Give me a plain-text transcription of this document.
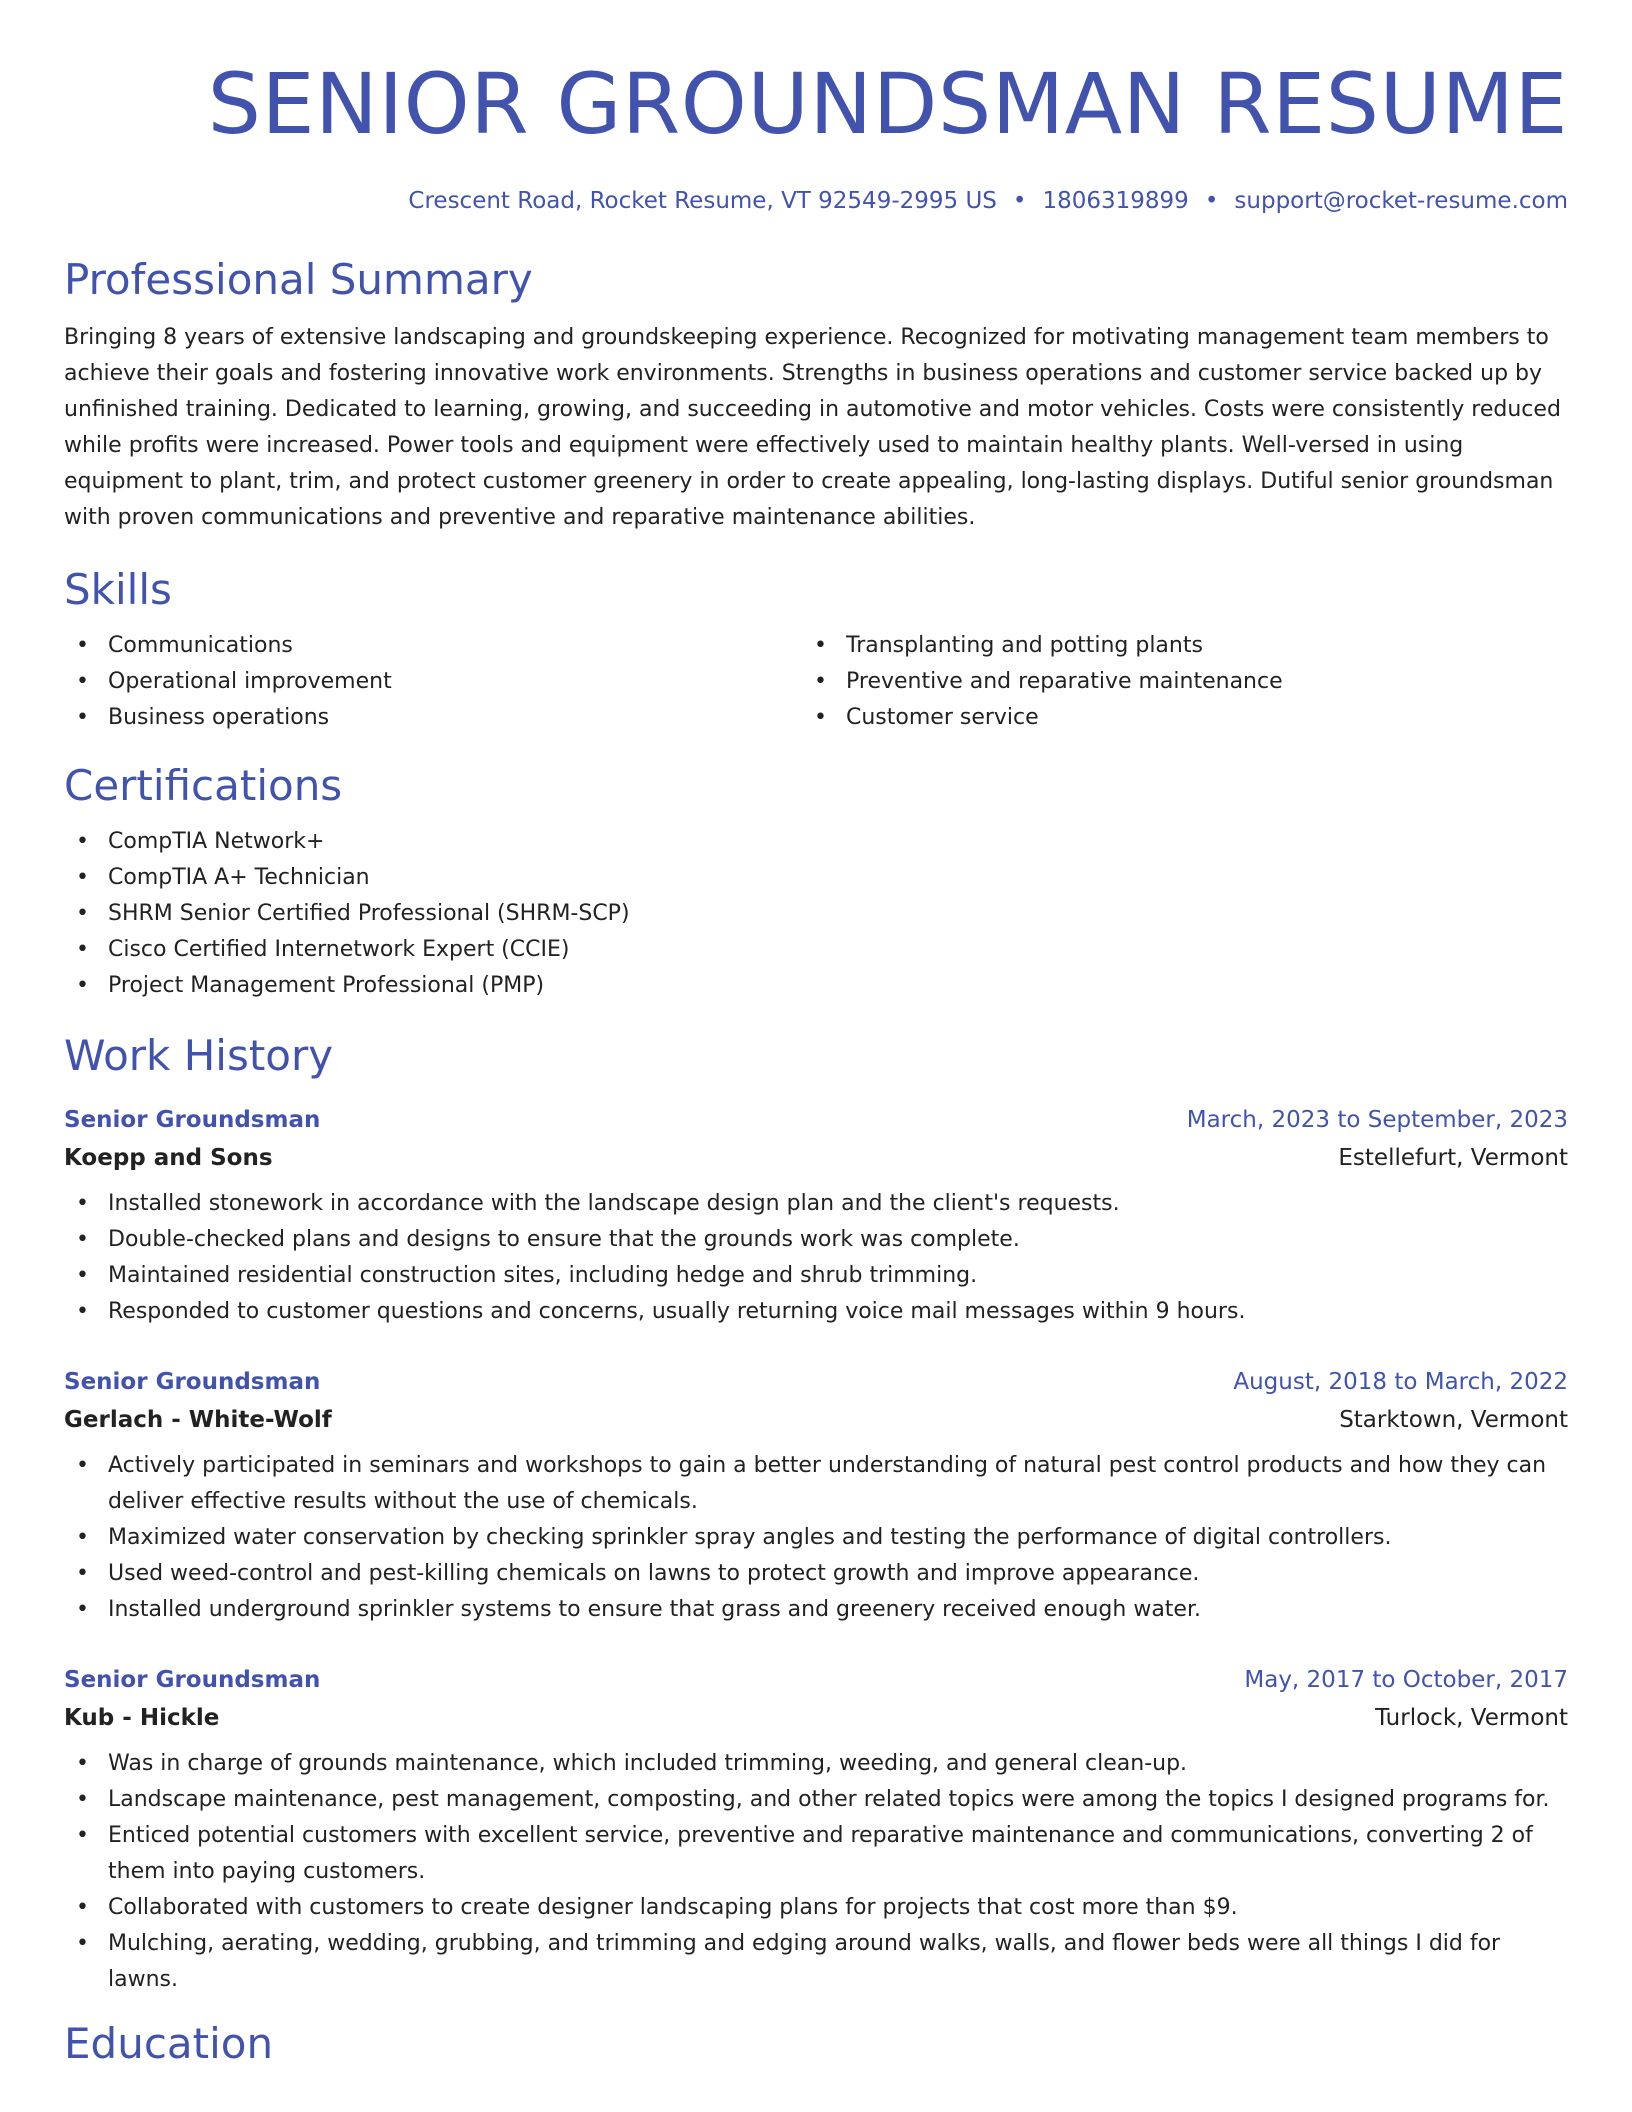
SENIOR GROUNDSMAN RESUME
Crescent Road, Rocket Resume, VT 92549-2995 US • 1806319899 • support@rocket-resume.com
Professional Summary

Bringing 8 years of extensive landscaping and groundskeeping experience. Recognized for motivating management team members to achieve their goals and fostering innovative work environments. Strengths in business operations and customer service backed up by unfinished training. Dedicated to learning, growing, and succeeding in automotive and motor vehicles. Costs were consistently reduced while profits were increased. Power tools and equipment were effectively used to maintain healthy plants. Well-versed in using equipment to plant, trim, and protect customer greenery in order to create appealing, long-lasting displays. Dutiful senior groundsman with proven communications and preventive and reparative maintenance abilities.

Skills
• Communications
• Operational improvement
• Business operations
• Transplanting and potting plants
• Preventive and reparative maintenance
• Customer service
Certifications
• CompTIA Network+
• CompTIA A+ Technician
• SHRM Senior Certified Professional (SHRM-SCP)
• Cisco Certified Internetwork Expert (CCIE)
• Project Management Professional (PMP)
Work History
Senior Groundsman	March, 2023 to September, 2023
Koepp and Sons	Estellefurt, Vermont
• Installed stonework in accordance with the landscape design plan and the client's requests.
• Double-checked plans and designs to ensure that the grounds work was complete.
• Maintained residential construction sites, including hedge and shrub trimming.
• Responded to customer questions and concerns, usually returning voice mail messages within 9 hours.
Senior Groundsman	August, 2018 to March, 2022
Gerlach - White-Wolf	Starktown, Vermont
• Actively participated in seminars and workshops to gain a better understanding of natural pest control products and how they can deliver effective results without the use of chemicals.
• Maximized water conservation by checking sprinkler spray angles and testing the performance of digital controllers.
• Used weed-control and pest-killing chemicals on lawns to protect growth and improve appearance.
• Installed underground sprinkler systems to ensure that grass and greenery received enough water.
Senior Groundsman	May, 2017 to October, 2017
Kub - Hickle	Turlock, Vermont
• Was in charge of grounds maintenance, which included trimming, weeding, and general clean-up.
• Landscape maintenance, pest management, composting, and other related topics were among the topics I designed programs for.
• Enticed potential customers with excellent service, preventive and reparative maintenance and communications, converting 2 of them into paying customers.
• Collaborated with customers to create designer landscaping plans for projects that cost more than $9.
• Mulching, aerating, wedding, grubbing, and trimming and edging around walks, walls, and flower beds were all things I did for lawns.
Education
